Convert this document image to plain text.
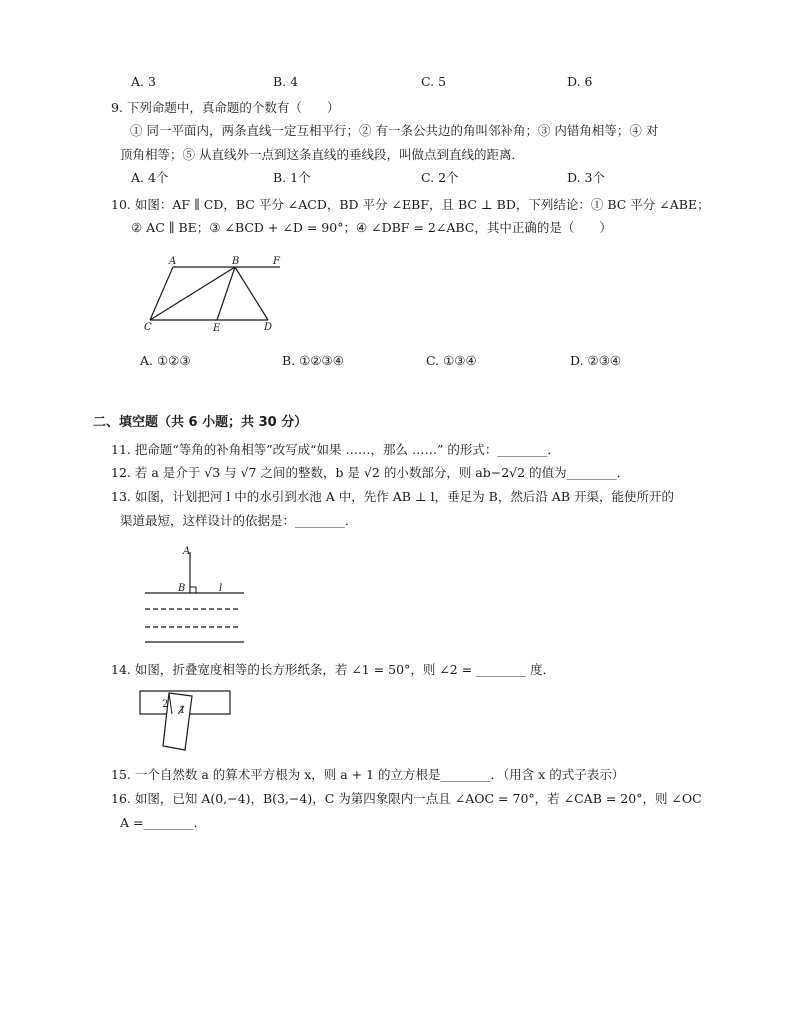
A. 3	B. 4	C. 5	D. 6
9. 下列命题中，真命题的个数有（　　）
① 同一平面内，两条直线一定互相平行；② 有一条公共边的角叫邻补角；③ 内错角相等；④ 对
顶角相等；⑤ 从直线外一点到这条直线的垂线段，叫做点到直线的距离．
A. 4个	B. 1个	C. 2个	D. 3个
10. 如图：AF ∥ CD，BC 平分 ∠ACD，BD 平分 ∠EBF，且 BC ⊥ BD，下列结论：① BC 平分 ∠ABE；
② AC ∥ BE；③ ∠BCD + ∠D = 90°；④ ∠DBF = 2∠ABC，其中正确的是（　　）
A	B	F
C	E	D
A. ①②③	B. ①②③④	C. ①③④	D. ②③④
二、填空题（共 6 小题；共 30 分）
11. 把命题“等角的补角相等”改写成“如果 ……，那么 ……” 的形式：________．
12. 若 a 是介于 √3 与 √7 之间的整数，b 是 √2 的小数部分，则 ab−2√2 的值为________．
13. 如图，计划把河 l 中的水引到水池 A 中，先作 AB ⊥ l，垂足为 B，然后沿 AB 开渠，能使所开的
渠道最短，这样设计的依据是：________．
A
B	l
14. 如图，折叠宽度相等的长方形纸条，若 ∠1 = 50°，则 ∠2 = ________ 度．
2
1
15. 一个自然数 a 的算术平方根为 x，则 a + 1 的立方根是________．（用含 x 的式子表示）
16. 如图，已知 A(0,−4)，B(3,−4)，C 为第四象限内一点且 ∠AOC = 70°，若 ∠CAB = 20°，则 ∠OC
A =________．
